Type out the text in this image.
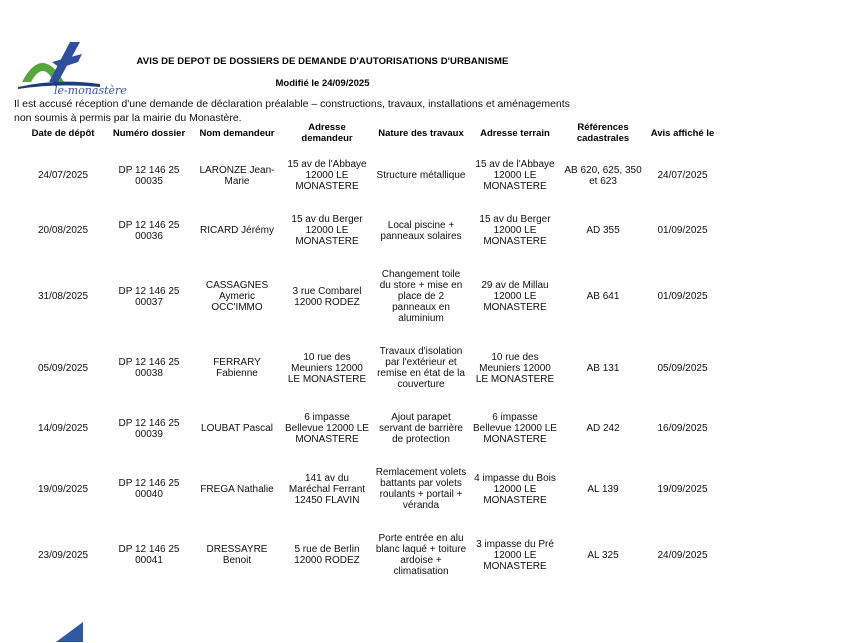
le-monastère
AVIS DE DEPOT DE DOSSIERS DE DEMANDE D'AUTORISATIONS D'URBANISME
Modifié le 24/09/2025
Il est accusé réception d'une demande de déclaration préalable – constructions, travaux, installations et aménagements
non soumis à permis par la mairie du Monastère.
Date de dépôt	Numéro dossier	Nom demandeur	Adresse demandeur	Nature des travaux	Adresse terrain	Références cadastrales	Avis affiché le
24/07/2025	DP 12 146 25 00035	LARONZE Jean-Marie	15 av de l'Abbaye 12000 LE MONASTERE	Structure métallique	15 av de l'Abbaye 12000 LE MONASTERE	AB 620, 625, 350 et 623	24/07/2025
20/08/2025	DP 12 146 25 00036	RICARD Jérémy	15 av du Berger 12000 LE MONASTERE	Local piscine + panneaux solaires	15 av du Berger 12000 LE MONASTERE	AD 355	01/09/2025
31/08/2025	DP 12 146 25 00037	CASSAGNES Aymeric OCC'IMMO	3 rue Combarel 12000 RODEZ	Changement toile du store + mise en place de 2 panneaux en aluminium	29 av de Millau 12000 LE MONASTERE	AB 641	01/09/2025
05/09/2025	DP 12 146 25 00038	FERRARY Fabienne	10 rue des Meuniers 12000 LE MONASTERE	Travaux d'isolation par l'extérieur et remise en état de la couverture	10 rue des Meuniers 12000 LE MONASTERE	AB 131	05/09/2025
14/09/2025	DP 12 146 25 00039	LOUBAT Pascal	6 impasse Bellevue 12000 LE MONASTERE	Ajout parapet servant de barrière de protection	6 impasse Bellevue 12000 LE MONASTERE	AD 242	16/09/2025
19/09/2025	DP 12 146 25 00040	FREGA Nathalie	141 av du Maréchal Ferrant 12450 FLAVIN	Remlacement volets battants par volets roulants + portail + véranda	4 impasse du Bois 12000 LE MONASTERE	AL 139	19/09/2025
23/09/2025	DP 12 146 25 00041	DRESSAYRE Benoit	5 rue de Berlin 12000 RODEZ	Porte entrée en alu blanc laqué + toiture ardoise + climatisation	3 impasse du Pré 12000 LE MONASTERE	AL 325	24/09/2025
